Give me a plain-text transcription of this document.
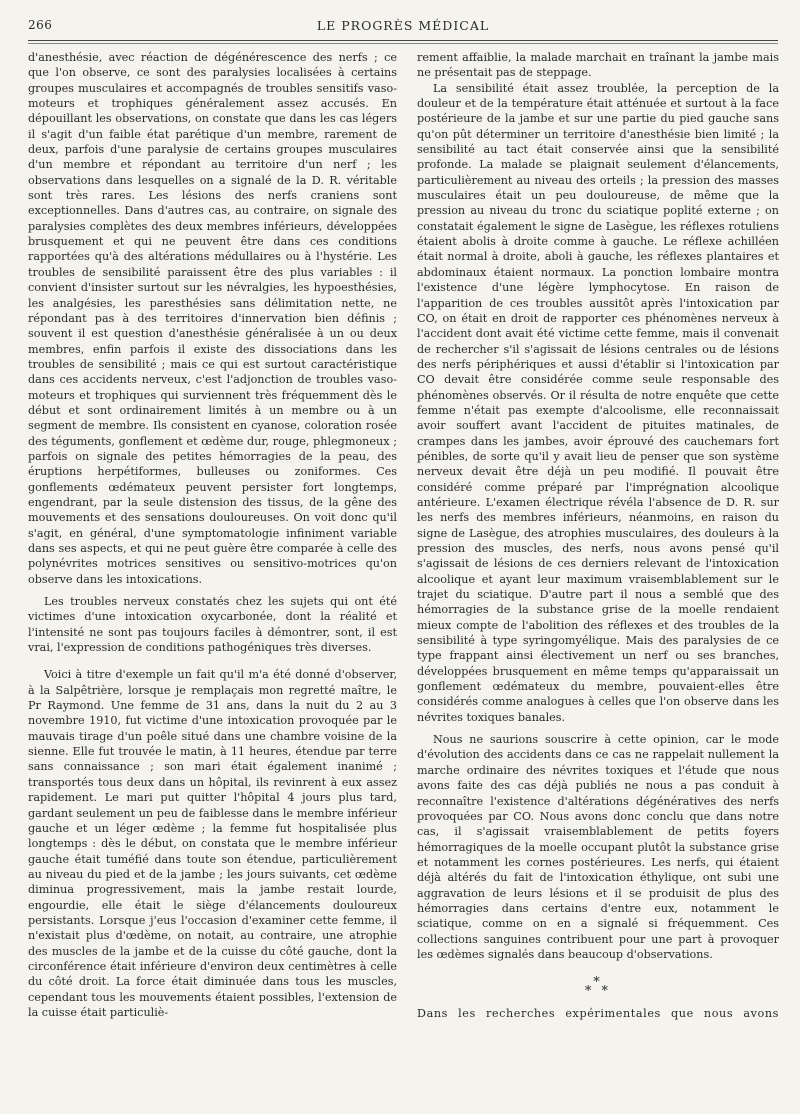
266	LE PROGRÈS MÉDICAL

d'anesthésie, avec réaction de dégénérescence des nerfs ; ce que l'on observe, ce sont des paralysies localisées à certains groupes musculaires et accompagnés de troubles sensitifs vaso-moteurs et trophiques généralement assez accusés. En dépouillant les observations, on constate que dans les cas légers il s'agit d'un faible état parétique d'un membre, rarement de deux, parfois d'une paralysie de certains groupes musculaires d'un membre et répondant au territoire d'un nerf ; les observations dans lesquelles on a signalé de la D. R. véritable sont très rares. Les lésions des nerfs craniens sont exceptionnelles. Dans d'autres cas, au contraire, on signale des paralysies complètes des deux membres inférieurs, développées brusquement et qui ne peuvent être dans ces conditions rapportées qu'à des altérations médullaires ou à l'hystérie. Les troubles de sensibilité paraissent être des plus variables : il convient d'insister surtout sur les névralgies, les hypoesthésies, les analgésies, les paresthésies sans délimitation nette, ne répondant pas à des territoires d'innervation bien définis ; souvent il est question d'anesthésie généralisée à un ou deux membres, enfin parfois il existe des dissociations dans les troubles de sensibilité ; mais ce qui est surtout caractéristique dans ces accidents nerveux, c'est l'adjonction de troubles vaso-moteurs et trophiques qui surviennent très fréquemment dès le début et sont ordinairement limités à un membre ou à un segment de membre. Ils consistent en cyanose, coloration rosée des téguments, gonflement et œdème dur, rouge, phlegmoneux ; parfois on signale des petites hémorragies de la peau, des éruptions herpétiformes, bulleuses ou zoniformes. Ces gonflements œdémateux peuvent persister fort longtemps, engendrant, par la seule distension des tissus, de la gêne des mouvements et des sensations douloureuses. On voit donc qu'il s'agit, en général, d'une symptomatologie infiniment variable dans ses aspects, et qui ne peut guère être comparée à celle des polynévrites motrices sensitives ou sensitivo-motrices qu'on observe dans les intoxications.

Les troubles nerveux constatés chez les sujets qui ont été victimes d'une intoxication oxycarbonée, dont la réalité et l'intensité ne sont pas toujours faciles à démontrer, sont, il est vrai, l'expression de conditions pathogéniques très diverses.

Voici à titre d'exemple un fait qu'il m'a été donné d'observer, à la Salpêtrière, lorsque je remplaçais mon regretté maître, le Pr Raymond. Une femme de 31 ans, dans la nuit du 2 au 3 novembre 1910, fut victime d'une intoxication provoquée par le mauvais tirage d'un poêle situé dans une chambre voisine de la sienne. Elle fut trouvée le matin, à 11 heures, étendue par terre sans connaissance ; son mari était également inanimé ; transportés tous deux dans un hôpital, ils revinrent à eux assez rapidement. Le mari put quitter l'hôpital 4 jours plus tard, gardant seulement un peu de faiblesse dans le membre inférieur gauche et un léger œdème ; la femme fut hospitalisée plus longtemps : dès le début, on constata que le membre inférieur gauche était tuméfié dans toute son étendue, particulièrement au niveau du pied et de la jambe ; les jours suivants, cet œdème diminua progressivement, mais la jambe restait lourde, engourdie, elle était le siège d'élancements douloureux persistants. Lorsque j'eus l'occasion d'examiner cette femme, il n'existait plus d'œdème, on notait, au contraire, une atrophie des muscles de la jambe et de la cuisse du côté gauche, dont la circonférence était inférieure d'environ deux centimètres à celle du côté droit. La force était diminuée dans tous les muscles, cependant tous les mouvements étaient possibles, l'extension de la cuisse était particuliè-

rement affaiblie, la malade marchait en traînant la jambe mais ne présentait pas de steppage.

La sensibilité était assez troublée, la perception de la douleur et de la température était atténuée et surtout à la face postérieure de la jambe et sur une partie du pied gauche sans qu'on pût déterminer un territoire d'anesthésie bien limité ; la sensibilité au tact était conservée ainsi que la sensibilité profonde. La malade se plaignait seulement d'élancements, particulièrement au niveau des orteils ; la pression des masses musculaires était un peu douloureuse, de même que la pression au niveau du tronc du sciatique poplité externe ; on constatait également le signe de Lasègue, les réflexes rotuliens étaient abolis à droite comme à gauche. Le réflexe achilléen était normal à droite, aboli à gauche, les réflexes plantaires et abdominaux étaient normaux. La ponction lombaire montra l'existence d'une légère lymphocytose. En raison de l'apparition de ces troubles aussitôt après l'intoxication par CO, on était en droit de rapporter ces phénomènes nerveux à l'accident dont avait été victime cette femme, mais il convenait de rechercher s'il s'agissait de lésions centrales ou de lésions des nerfs périphériques et aussi d'établir si l'intoxication par CO devait être considérée comme seule responsable des phénomènes observés. Or il résulta de notre enquête que cette femme n'était pas exempte d'alcoolisme, elle reconnaissait avoir souffert avant l'accident de pituites matinales, de crampes dans les jambes, avoir éprouvé des cauchemars fort pénibles, de sorte qu'il y avait lieu de penser que son système nerveux devait être déjà un peu modifié. Il pouvait être considéré comme préparé par l'imprégnation alcoolique antérieure. L'examen électrique révéla l'absence de D. R. sur les nerfs des membres inférieurs, néanmoins, en raison du signe de Lasègue, des atrophies musculaires, des douleurs à la pression des muscles, des nerfs, nous avons pensé qu'il s'agissait de lésions de ces derniers relevant de l'intoxication alcoolique et ayant leur maximum vraisemblablement sur le trajet du sciatique. D'autre part il nous a semblé que des hémorragies de la substance grise de la moelle rendaient mieux compte de l'abolition des réflexes et des troubles de la sensibilité à type syringomyélique. Mais des paralysies de ce type frappant ainsi électivement un nerf ou ses branches, développées brusquement en même temps qu'apparaissait un gonflement œdémateux du membre, pouvaient-elles être considérés comme analogues à celles que l'on observe dans les névrites toxiques banales.

Nous ne saurions souscrire à cette opinion, car le mode d'évolution des accidents dans ce cas ne rappelait nullement la marche ordinaire des névrites toxiques et l'étude que nous avons faite des cas déjà publiés ne nous a pas conduit à reconnaître l'existence d'altérations dégénératives des nerfs provoquées par CO. Nous avons donc conclu que dans notre cas, il s'agissait vraisemblablement de petits foyers hémorragiques de la moelle occupant plutôt la substance grise et notamment les cornes postérieures. Les nerfs, qui étaient déjà altérés du fait de l'intoxication éthylique, ont subi une aggravation de leurs lésions et il se produisit de plus des hémorragies dans certains d'entre eux, notamment le sciatique, comme on en a signalé si fréquemment. Ces collections sanguines contribuent pour une part à provoquer les œdèmes signalés dans beaucoup d'observations.

*
* *

Dans les recherches expérimentales que nous avons
